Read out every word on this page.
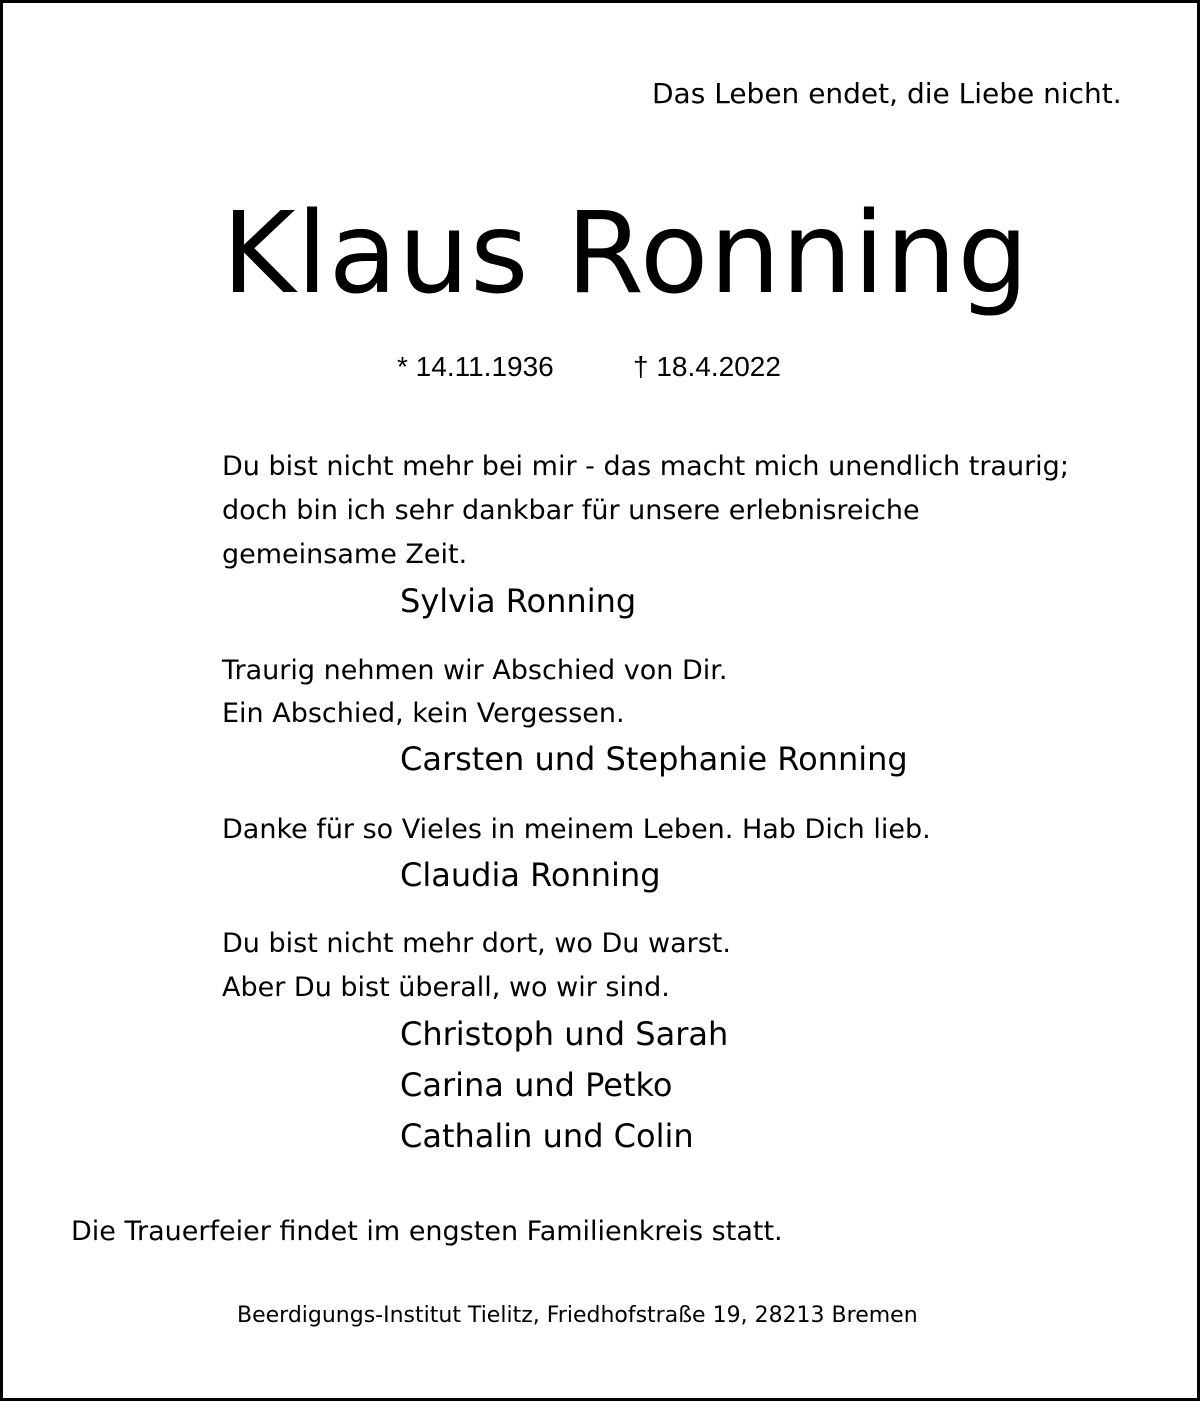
Das Leben endet, die Liebe nicht.
Klaus Ronning
* 14.11.1936	† 18.4.2022
Du bist nicht mehr bei mir - das macht mich unendlich traurig;
doch bin ich sehr dankbar für unsere erlebnisreiche
gemeinsame Zeit.
Sylvia Ronning
Traurig nehmen wir Abschied von Dir.
Ein Abschied, kein Vergessen.
Carsten und Stephanie Ronning
Danke für so Vieles in meinem Leben. Hab Dich lieb.
Claudia Ronning
Du bist nicht mehr dort, wo Du warst.
Aber Du bist überall, wo wir sind.
Christoph und Sarah
Carina und Petko
Cathalin und Colin
Die Trauerfeier findet im engsten Familienkreis statt.
Beerdigungs-Institut Tielitz, Friedhofstraße 19, 28213 Bremen
